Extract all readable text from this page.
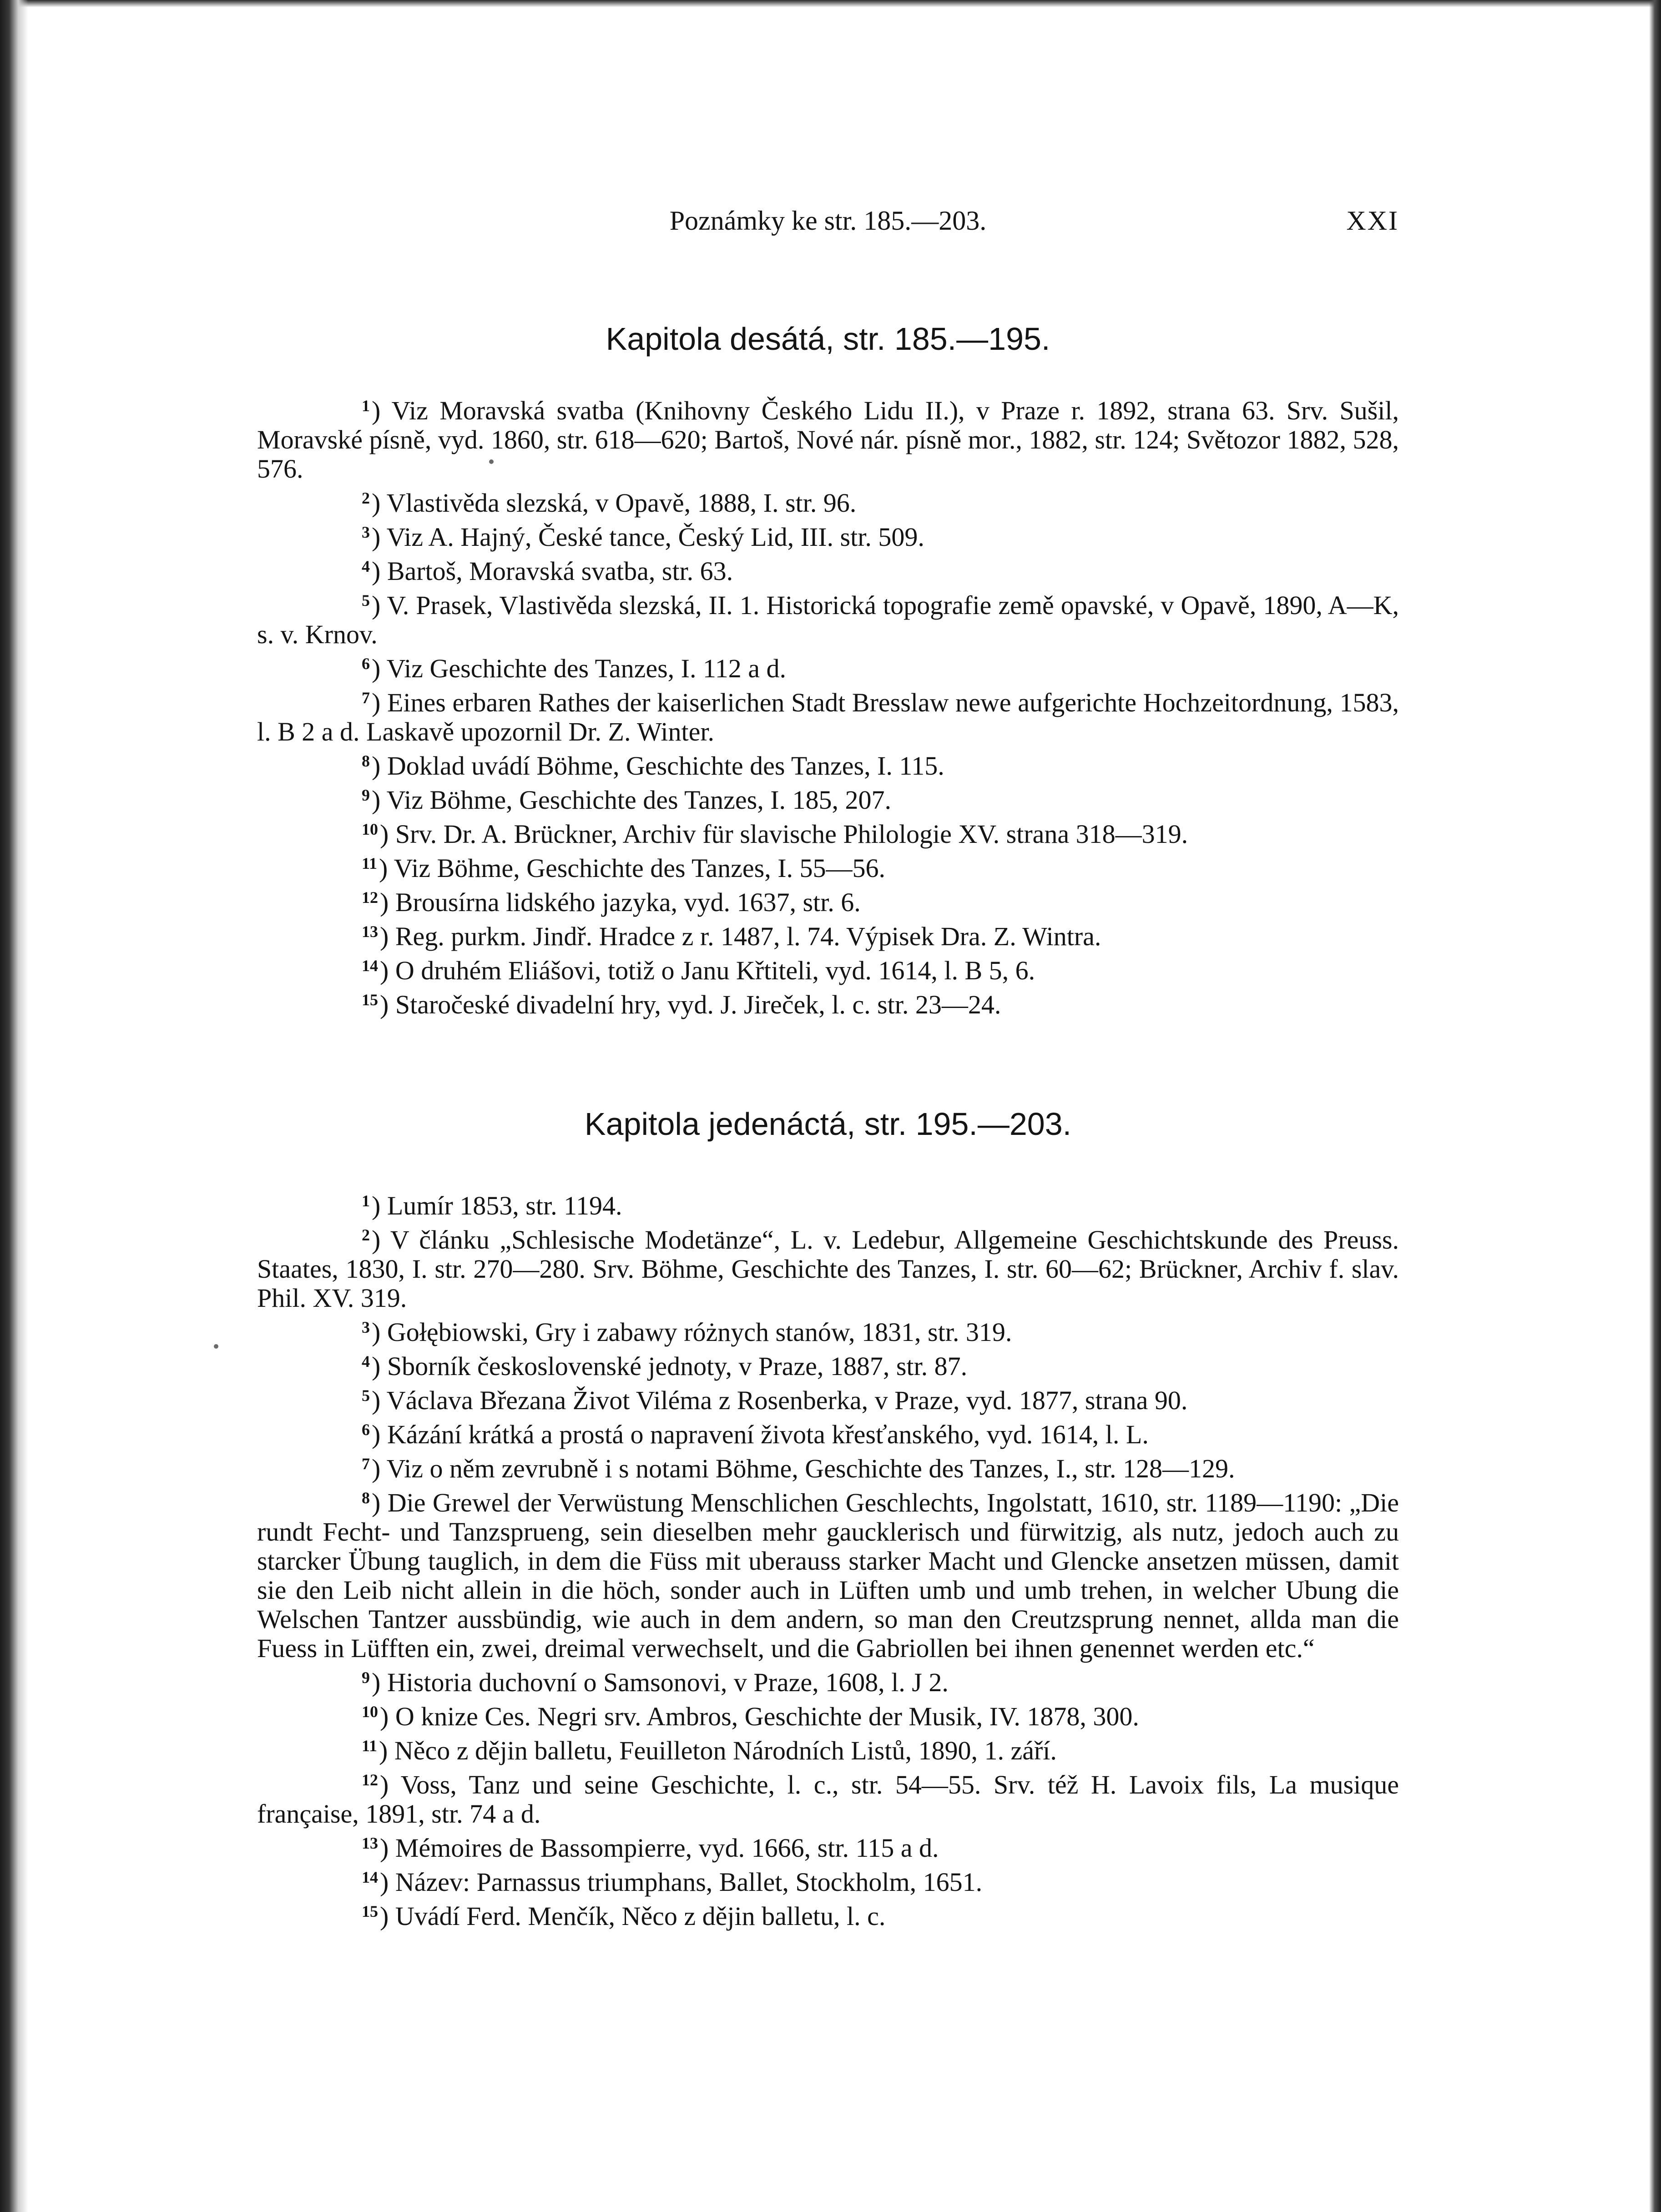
Poznámky ke str. 185.—203.	XXI
Kapitola desátá, str. 185.—195.
$^1$) Viz Moravská svatba (Knihovny Českého Lidu II.), v Praze r. 1892, strana 63. Srv. Sušil, Moravské písně, vyd. 1860, str. 618—620; Bartoš, Nové nár. písně mor., 1882, str. 124; Světozor 1882, 528, 576.
$^2$) Vlastivěda slezská, v Opavě, 1888, I. str. 96.
$^3$) Viz A. Hajný, České tance, Český Lid, III. str. 509.
$^4$) Bartoš, Moravská svatba, str. 63.
$^5$) V. Prasek, Vlastivěda slezská, II. 1. Historická topografie země opavské, v Opavě, 1890, A—K, s. v. Krnov.
$^6$) Viz Geschichte des Tanzes, I. 112 a d.
$^7$) Eines erbaren Rathes der kaiserlichen Stadt Bresslaw newe aufgerichte Hochzeitordnung, 1583, l. B 2 a d. Laskavě upozornil Dr. Z. Winter.
$^8$) Doklad uvádí Böhme, Geschichte des Tanzes, I. 115.
$^9$) Viz Böhme, Geschichte des Tanzes, I. 185, 207.
$^{10}$) Srv. Dr. A. Brückner, Archiv für slavische Philologie XV. strana 318—319.
$^{11}$) Viz Böhme, Geschichte des Tanzes, I. 55—56.
$^{12}$) Brousírna lidského jazyka, vyd. 1637, str. 6.
$^{13}$) Reg. purkm. Jindř. Hradce z r. 1487, l. 74. Výpisek Dra. Z. Wintra.
$^{14}$) O druhém Eliášovi, totiž o Janu Křtiteli, vyd. 1614, l. B 5, 6.
$^{15}$) Staročeské divadelní hry, vyd. J. Jireček, l. c. str. 23—24.
Kapitola jedenáctá, str. 195.—203.
$^1$) Lumír 1853, str. 1194.
$^2$) V článku „Schlesische Modetänze“, L. v. Ledebur, Allgemeine Geschichtskunde des Preuss. Staates, 1830, I. str. 270—280. Srv. Böhme, Geschichte des Tanzes, I. str. 60—62; Brückner, Archiv f. slav. Phil. XV. 319.
$^3$) Gołębiowski, Gry i zabawy różnych stanów, 1831, str. 319.
$^4$) Sborník československé jednoty, v Praze, 1887, str. 87.
$^5$) Václava Březana Život Viléma z Rosenberka, v Praze, vyd. 1877, strana 90.
$^6$) Kázání krátká a prostá o napravení života křesťanského, vyd. 1614, l. L.
$^7$) Viz o něm zevrubně i s notami Böhme, Geschichte des Tanzes, I., str. 128—129.
$^8$) Die Grewel der Verwüstung Menschlichen Geschlechts, Ingolstatt, 1610, str. 1189—1190: „Die rundt Fecht- und Tanzsprueng, sein dieselben mehr gaucklerisch und fürwitzig, als nutz, jedoch auch zu starcker Übung tauglich, in dem die Füss mit uberauss starker Macht und Glencke ansetzen müssen, damit sie den Leib nicht allein in die höch, sonder auch in Lüften umb und umb trehen, in welcher Ubung die Welschen Tantzer aussbündig, wie auch in dem andern, so man den Creutzsprung nennet, allda man die Fuess in Lüfften ein, zwei, dreimal verwechselt, und die Gabriollen bei ihnen genennet werden etc.“
$^9$) Historia duchovní o Samsonovi, v Praze, 1608, l. J 2.
$^{10}$) O knize Ces. Negri srv. Ambros, Geschichte der Musik, IV. 1878, 300.
$^{11}$) Něco z dějin balletu, Feuilleton Národních Listů, 1890, 1. září.
$^{12}$) Voss, Tanz und seine Geschichte, l. c., str. 54—55. Srv. též H. Lavoix fils, La musique française, 1891, str. 74 a d.
$^{13}$) Mémoires de Bassompierre, vyd. 1666, str. 115 a d.
$^{14}$) Název: Parnassus triumphans, Ballet, Stockholm, 1651.
$^{15}$) Uvádí Ferd. Menčík, Něco z dějin balletu, l. c.
